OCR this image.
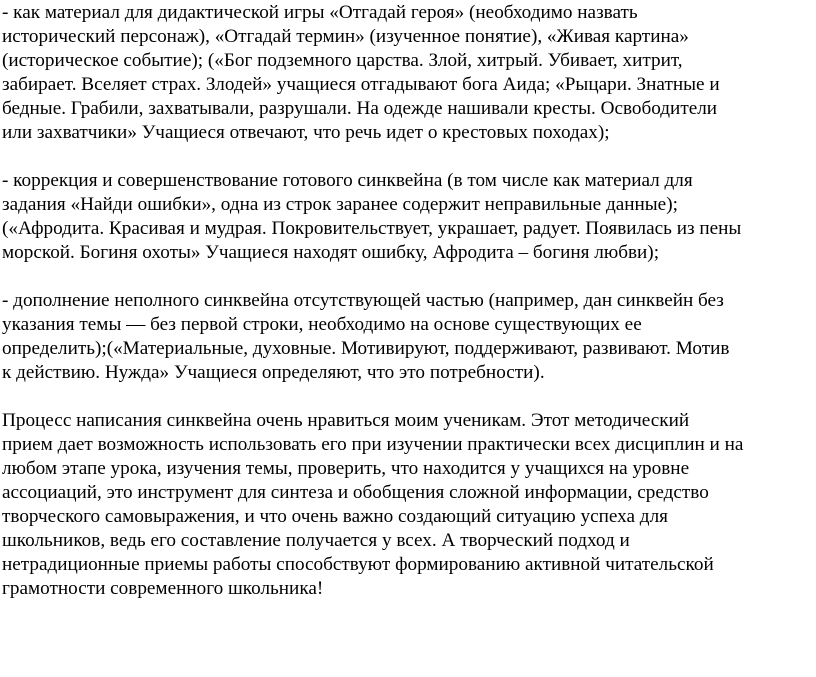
- как материал для дидактической игры «Отгадай героя» (необходимо назвать
исторический персонаж), «Отгадай термин» (изученное понятие), «Живая картина»
(историческое событие); («Бог подземного царства. Злой, хитрый. Убивает, хитрит,
забирает. Вселяет страх. Злодей» учащиеся отгадывают бога Аида; «Рыцари. Знатные и
бедные. Грабили, захватывали, разрушали. На одежде нашивали кресты. Освободители
или захватчики» Учащиеся отвечают, что речь идет о крестовых походах);
- коррекция и совершенствование готового синквейна (в том числе как материал для
задания «Найди ошибки», одна из строк заранее содержит неправильные данные);
(«Афродита. Красивая и мудрая. Покровительствует, украшает, радует. Появилась из пены
морской. Богиня охоты» Учащиеся находят ошибку, Афродита – богиня любви);
- дополнение неполного синквейна отсутствующей частью (например, дан синквейн без
указания темы — без первой строки, необходимо на основе существующих ее
определить);(«Материальные, духовные. Мотивируют, поддерживают, развивают. Мотив
к действию. Нужда» Учащиеся определяют, что это потребности).
Процесс написания синквейна очень нравиться моим ученикам. Этот методический
прием дает возможность использовать его при изучении практически всех дисциплин и на
любом этапе урока, изучения темы, проверить, что находится у учащихся на уровне
ассоциаций, это инструмент для синтеза и обобщения сложной информации, средство
творческого самовыражения, и что очень важно создающий ситуацию успеха для
школьников, ведь его составление получается у всех. А творческий подход и
нетрадиционные приемы работы способствуют формированию активной читательской
грамотности современного школьника!
